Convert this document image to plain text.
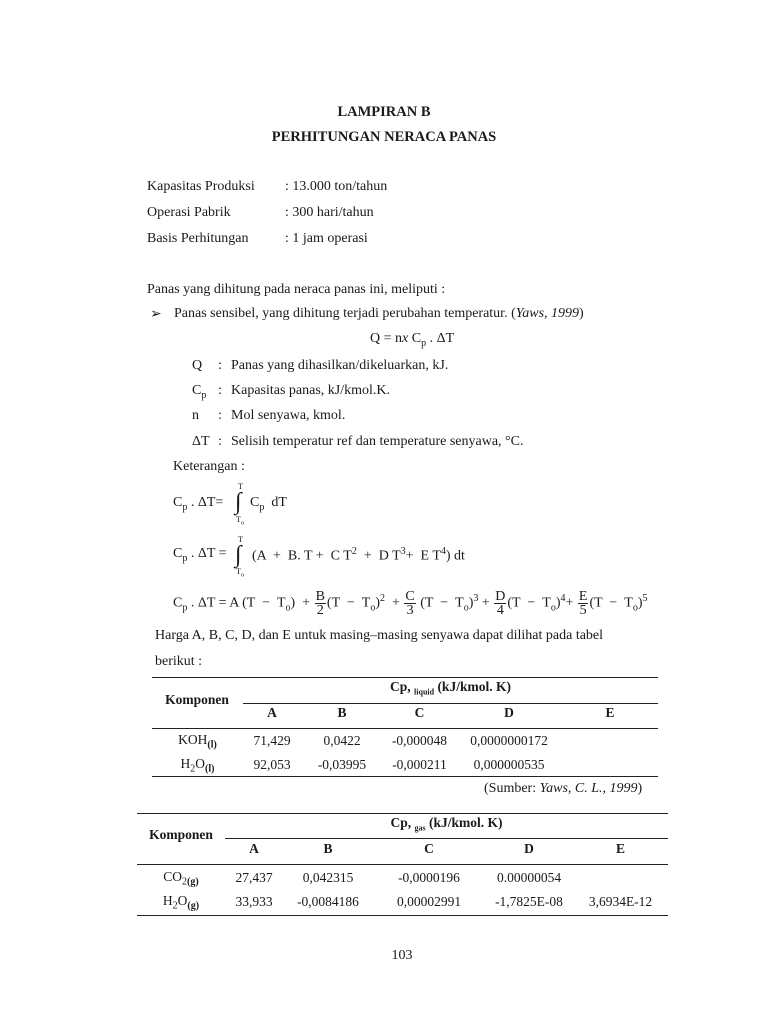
LAMPIRAN B
PERHITUNGAN NERACA PANAS
Kapasitas Produksi : 13.000 ton/tahun
Operasi Pabrik	: 300 hari/tahun
Basis Perhitungan	: 1 jam operasi
Panas yang dihitung pada neraca panas ini, meliputi :
➢ Panas sensibel, yang dihitung terjadi perubahan temperatur. (Yaws, 1999)
Q = nx $C_p$ . ΔT
Q : Panas yang dihasilkan/dikeluarkan, kJ.
$C_p$ : Kapasitas panas, kJ/kmol.K.
n : Mol senyawa, kmol.
ΔT : Selisih temperatur ref dan temperature senyawa, °C.
Keterangan :
T
∫
$T_o$
$C_p$ . $\Delta T= C_p$  dT
T
∫
$T_o$
$C_p$ . ΔT = (A  +  B. T +  C $T^2 + D$ $T^3+ E$ $T^4$) dt
$C_p$ . ΔT = A $(T - T_o) + \frac{B}{2} (T - T_o)^2 + \frac{C}{3} (T - T_o)^3 + \frac{D}{4} (T - T_o)^4+ \frac{E}{5} (T - T_o)^5$
Harga A, B, C, D, dan E untuk masing–masing senyawa dapat dilihat pada tabel
berikut :
Komponen
Cp, $_{liquid}$ (kJ/kmol. K)
A	B	C	D	E
$KOH_{(l)}$	71,429	0,0422	-0,000048	0,0000000172	
$H_2O_{(l)}$	92,053	-0,03995	-0,000211	0,000000535	
(Sumber: Yaws, C. L., 1999)
Komponen
Cp, $_{gas}$ (kJ/kmol. K)
A	B	C	D	E
$CO_{2(g)}$	27,437	0,042315	-0,0000196	0.00000054	
$H_2O_{(g)}$	33,933	-0,0084186	0,00002991	-1,7825E-08	3,6934E-12
103
